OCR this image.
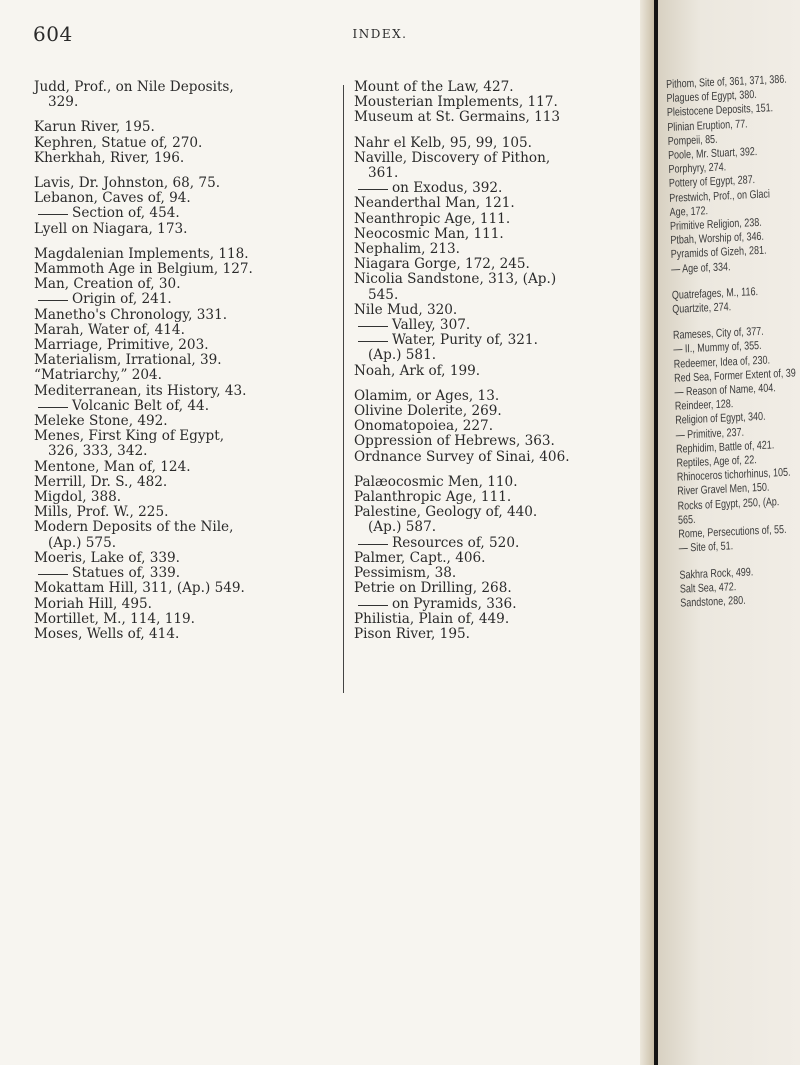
604	INDEX.
Judd, Prof., on Nile Deposits,
329.
Karun River, 195.
Kephren, Statue of, 270.
Kherkhah, River, 196.
Lavis, Dr. Johnston, 68, 75.
Lebanon, Caves of, 94.
Section of, 454.
Lyell on Niagara, 173.
Magdalenian Implements, 118.
Mammoth Age in Belgium, 127.
Man, Creation of, 30.
Origin of, 241.
Manetho's Chronology, 331.
Marah, Water of, 414.
Marriage, Primitive, 203.
Materialism, Irrational, 39.
“Matriarchy,” 204.
Mediterranean, its History, 43.
Volcanic Belt of, 44.
Meleke Stone, 492.
Menes, First King of Egypt,
326, 333, 342.
Mentone, Man of, 124.
Merrill, Dr. S., 482.
Migdol, 388.
Mills, Prof. W., 225.
Modern Deposits of the Nile,
(Ap.) 575.
Moeris, Lake of, 339.
Statues of, 339.
Mokattam Hill, 311, (Ap.) 549.
Moriah Hill, 495.
Mortillet, M., 114, 119.
Moses, Wells of, 414.
Mount of the Law, 427.
Mousterian Implements, 117.
Museum at St. Germains, 113
Nahr el Kelb, 95, 99, 105.
Naville, Discovery of Pithon,
361.
on Exodus, 392.
Neanderthal Man, 121.
Neanthropic Age, 111.
Neocosmic Man, 111.
Nephalim, 213.
Niagara Gorge, 172, 245.
Nicolia Sandstone, 313, (Ap.)
545.
Nile Mud, 320.
Valley, 307.
Water, Purity of, 321.
(Ap.) 581.
Noah, Ark of, 199.
Olamim, or Ages, 13.
Olivine Dolerite, 269.
Onomatopoiea, 227.
Oppression of Hebrews, 363.
Ordnance Survey of Sinai, 406.
Palæocosmic Men, 110.
Palanthropic Age, 111.
Palestine, Geology of, 440.
(Ap.) 587.
Resources of, 520.
Palmer, Capt., 406.
Pessimism, 38.
Petrie on Drilling, 268.
on Pyramids, 336.
Philistia, Plain of, 449.
Pison River, 195.
Pithom, Site of, 361, 371, 386.
Plagues of Egypt, 380.
Pleistocene Deposits, 151.
Plinian Eruption, 77.
Pompeii, 85.
Poole, Mr. Stuart, 392.
Porphyry, 274.
Pottery of Egypt, 287.
Prestwich, Prof., on Glaci
Age, 172.
Primitive Religion, 238.
Ptbah, Worship of, 346.
Pyramids of Gizeh, 281.
— Age of, 334.
Quatrefages, M., 116.
Quartzite, 274.
Rameses, City of, 377.
— II., Mummy of, 355.
Redeemer, Idea of, 230.
Red Sea, Former Extent of, 39
— Reason of Name, 404.
Reindeer, 128.
Religion of Egypt, 340.
— Primitive, 237.
Rephidim, Battle of, 421.
Reptiles, Age of, 22.
Rhinoceros tichorhinus, 105.
River Gravel Men, 150.
Rocks of Egypt, 250, (Ap.
565.
Rome, Persecutions of, 55.
— Site of, 51.
Sakhra Rock, 499.
Salt Sea, 472.
Sandstone, 280.
